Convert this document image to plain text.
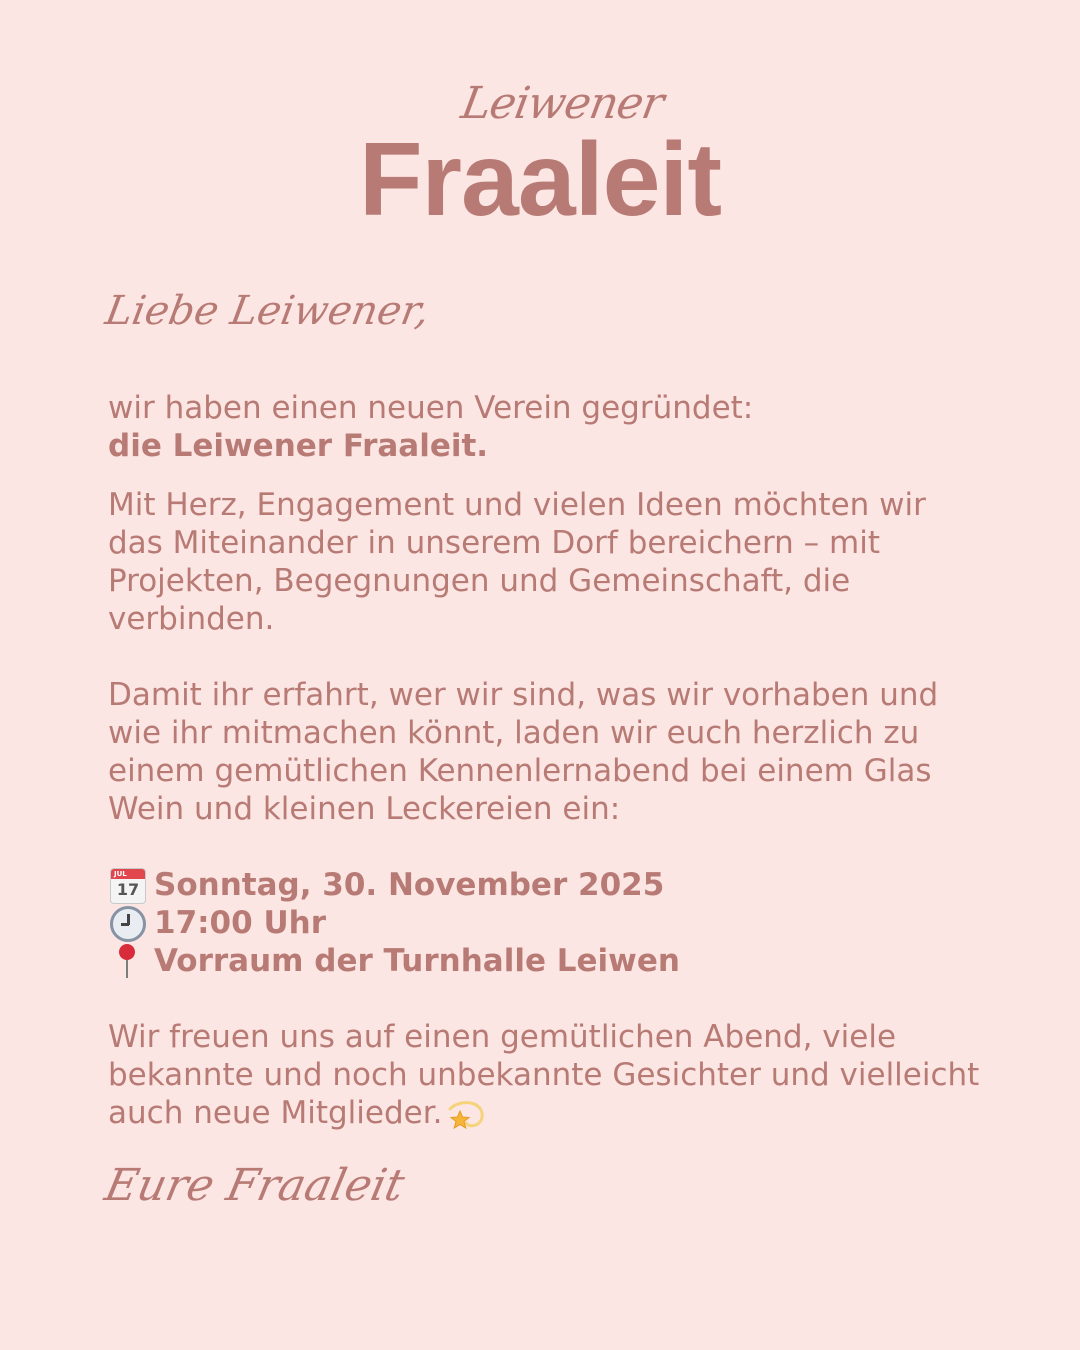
Leiwener
Fraaleit
Liebe Leiwener,
wir haben einen neuen Verein gegründet:
die Leiwener Fraaleit.
Mit Herz, Engagement und vielen Ideen möchten wir das Miteinander in unserem Dorf bereichern – mit Projekten, Begegnungen und Gemeinschaft, die verbinden.
Damit ihr erfahrt, wer wir sind, was wir vorhaben und wie ihr mitmachen könnt, laden wir euch herzlich zu einem gemütlichen Kennenlernabend bei einem Glas Wein und kleinen Leckereien ein:
JUL
17 Sonntag, 30. November 2025
17:00 Uhr
Vorraum der Turnhalle Leiwen
Wir freuen uns auf einen gemütlichen Abend, viele bekannte und noch unbekannte Gesichter und vielleicht auch neue Mitglieder.
Eure Fraaleit
